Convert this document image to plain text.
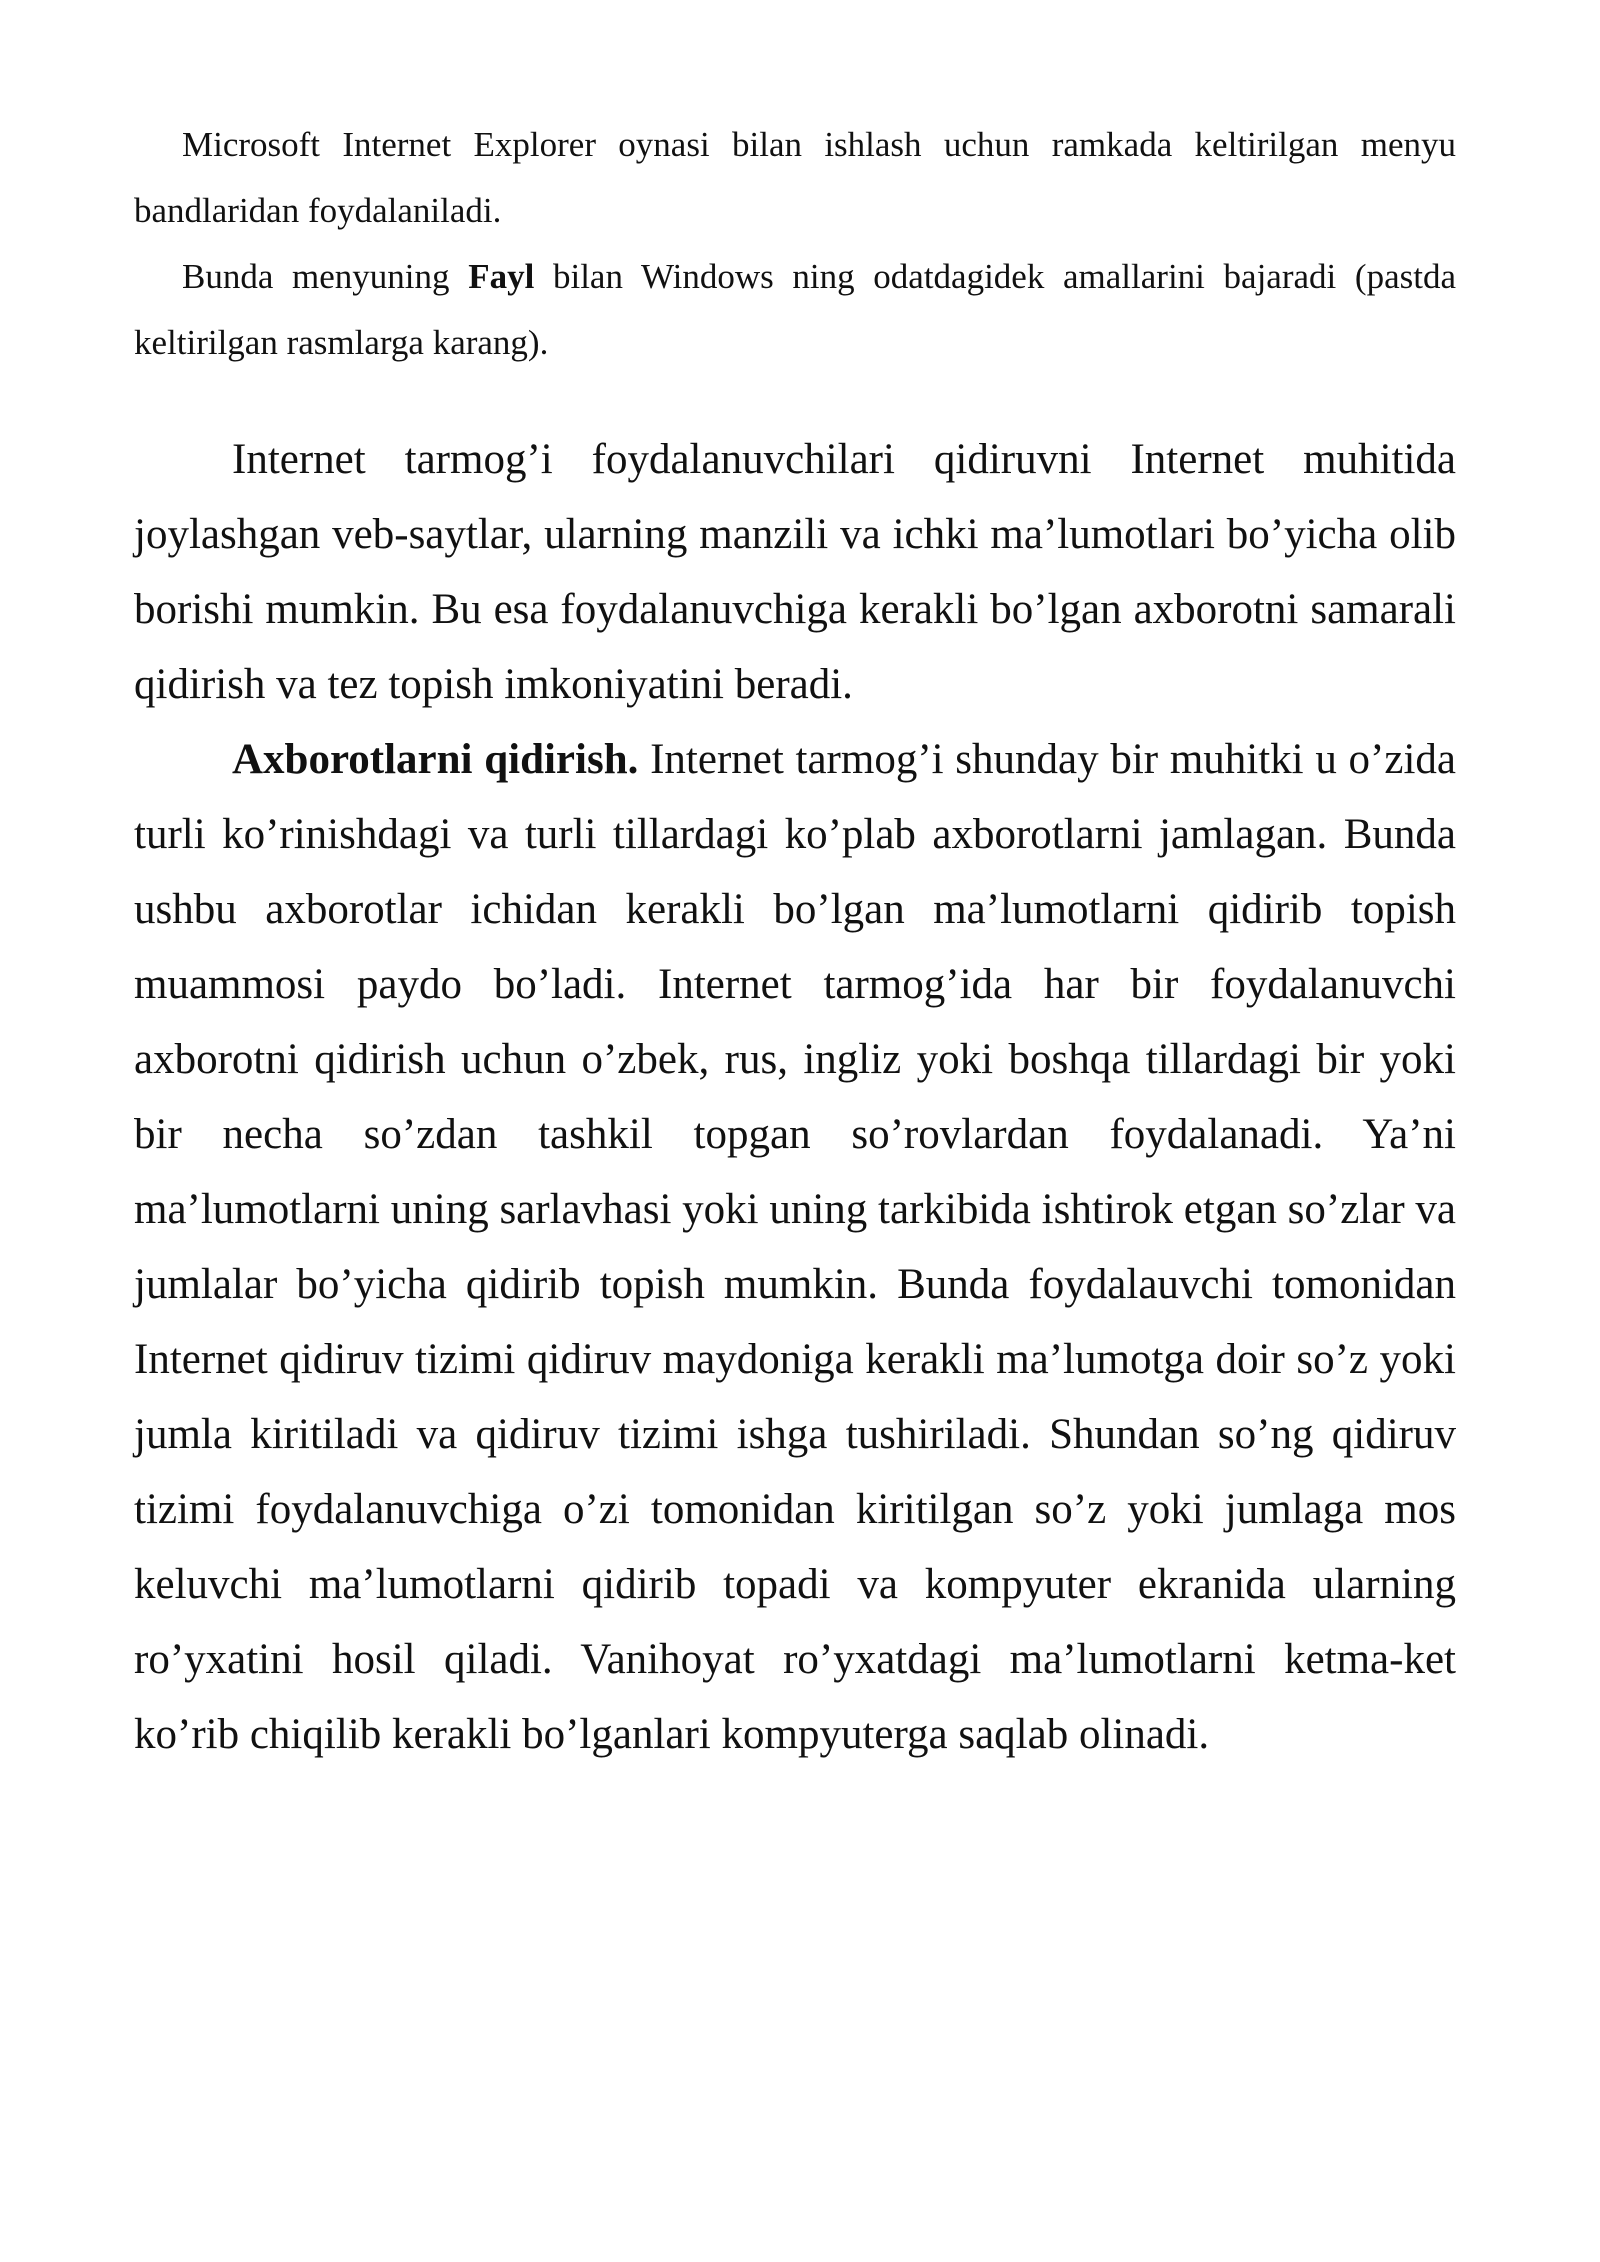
Microsoft Internet Explorer oynasi bilan ishlash uchun ramkada keltirilgan menyu bandlaridan foydalaniladi.

Bunda menyuning Fayl bilan Windows ning odatdagidek amallarini bajaradi (pastda keltirilgan rasmlarga karang).

Internet tarmog’i foydalanuvchilari qidiruvni Internet muhitida joylashgan veb-saytlar, ularning manzili va ichki ma’lumotlari bo’yicha olib borishi mumkin. Bu esa foydalanuvchiga kerakli bo’lgan axborotni samarali qidirish va tez topish imkoniyatini beradi.

Axborotlarni qidirish. Internet tarmog’i shunday bir muhitki u o’zida turli ko’rinishdagi va turli tillardagi ko’plab axborotlarni jamlagan. Bunda ushbu axborotlar ichidan kerakli bo’lgan ma’lumotlarni qidirib topish muammosi paydo bo’ladi. Internet tarmog’ida har bir foydalanuvchi axborotni qidirish uchun o’zbek, rus, ingliz yoki boshqa tillardagi bir yoki bir necha so’zdan tashkil topgan so’rovlardan foydalanadi. Ya’ni ma’lumotlarni uning sarlavhasi yoki uning tarkibida ishtirok etgan so’zlar va jumlalar bo’yicha qidirib topish mumkin. Bunda foydalauvchi tomonidan Internet qidiruv tizimi qidiruv maydoniga kerakli ma’lumotga doir so’z yoki jumla kiritiladi va qidiruv tizimi ishga tushiriladi. Shundan so’ng qidiruv tizimi foydalanuvchiga o’zi tomonidan kiritilgan so’z yoki jumlaga mos keluvchi ma’lumotlarni qidirib topadi va kompyuter ekranida ularning ro’yxatini hosil qiladi. Vanihoyat ro’yxatdagi ma’lumotlarni ketma-ket ko’rib chiqilib kerakli bo’lganlari kompyuterga saqlab olinadi.
